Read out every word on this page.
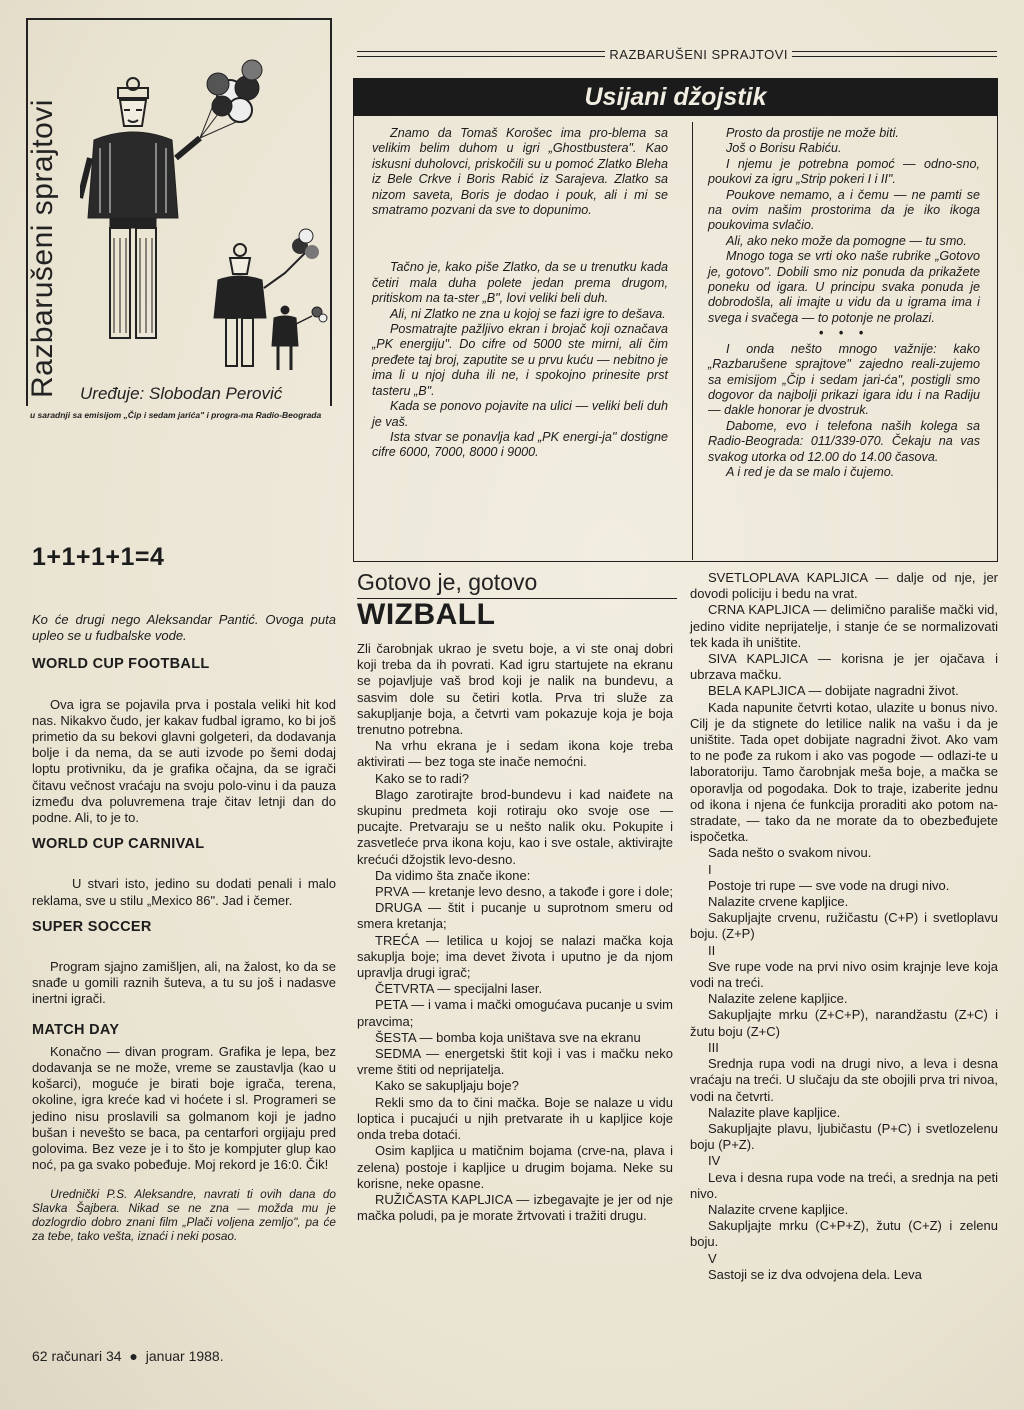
Razbarušeni sprajtovi Uređuje: Slobodan Perović
u saradnji sa emisijom „Čip i sedam jarića" i progra-ma Radio-Beograda
RAZBARUŠENI SPRAJTOVI
Usijani džojstik

Znamo da Tomaš Korošec ima pro-blema sa velikim belim duhom u igri „Ghostbustera". Kao iskusni duholovci, priskočili su u pomoć Zlatko Bleha iz Bele Crkve i Boris Rabić iz Sarajeva. Zlatko sa nizom saveta, Boris je dodao i pouk, ali i mi se smatramo pozvani da sve to dopunimo.

Tačno je, kako piše Zlatko, da se u trenutku kada četiri mala duha polete jedan prema drugom, pritiskom na ta-ster „B", lovi veliki beli duh.

Ali, ni Zlatko ne zna u kojoj se fazi igre to dešava.

Posmatrajte pažljivo ekran i brojač koji označava „PK energiju". Do cifre od 5000 ste mirni, ali čim pređete taj broj, zaputite se u prvu kuću — nebitno je ima li u njoj duha ili ne, i spokojno prinesite prst tasteru „B".

Kada se ponovo pojavite na ulici — veliki beli duh je vaš.

Ista stvar se ponavlja kad „PK energi-ja" dostigne cifre 6000, 7000, 8000 i 9000.

Prosto da prostije ne može biti.

Još o Borisu Rabiću.

I njemu je potrebna pomoć — odno-sno, poukovi za igru „Strip pokeri I i II".

Poukove nemamo, a i čemu — ne pamti se na ovim našim prostorima da je iko ikoga poukovima svlačio.

Ali, ako neko može da pomogne — tu smo.

Mnogo toga se vrti oko naše rubrike „Gotovo je, gotovo". Dobili smo niz ponuda da prikažete poneku od igara. U principu svaka ponuda je dobrodošla, ali imajte u vidu da u igrama ima i svega i svačega — to potonje ne prolazi.

• • •

I onda nešto mnogo važnije: kako „Razbarušene sprajtove" zajedno reali-zujemo sa emisijom „Čip i sedam jari-ća", postigli smo dogovor da najbolji prikazi igara idu i na Radiju — dakle honorar je dvostruk.

Dabome, evo i telefona naših kolega sa Radio-Beograda: 011/339-070. Čekaju na vas svakog utorka od 12.00 do 14.00 časova.

A i red je da se malo i čujemo.

1+1+1+1=4

Ko će drugi nego Aleksandar Pantić. Ovoga puta upleo se u fudbalske vode.

WORLD CUP FOOTBALL

Ova igra se pojavila prva i postala veliki hit kod nas. Nikakvo čudo, jer kakav fudbal igramo, ko bi još primetio da su bekovi glavni golgeteri, da dodavanja bolje i da nema, da se auti izvode po šemi dodaj loptu protivniku, da je grafika očajna, da se igrači čitavu večnost vraćaju na svoju polo-vinu i da pauza između dva poluvremena traje čitav letnji dan do podne. Ali, to je to.

WORLD CUP CARNIVAL

U stvari isto, jedino su dodati penali i malo reklama, sve u stilu „Mexico 86". Jad i čemer.

SUPER SOCCER

Program sjajno zamišljen, ali, na žalost, ko da se snađe u gomili raznih šuteva, a tu su još i nadasve inertni igrači.

MATCH DAY

Konačno — divan program. Grafika je lepa, bez dodavanja se ne može, vreme se zaustavlja (kao u košarci), moguće je birati boje igrača, terena, okoline, igra kreće kad vi hoćete i sl. Programeri se jedino nisu proslavili sa golmanom koji je jadno bušan i nevešto se baca, pa centarfori orgijaju pred golovima. Bez veze je i to što je kompjuter glup kao noć, pa ga svako pobeđuje. Moj rekord je 16:0. Čik!

Urednički P.S. Aleksandre, navrati ti ovih dana do Slavka Šajbera. Nikad se ne zna — možda mu je dozlogrdio dobro znani film „Plači voljena zemljo", pa će za tebe, tako vešta, iznaći i neki posao.

62 računari 34 ● januar 1988.
Gotovo je, gotovo
WIZBALL

Zli čarobnjak ukrao je svetu boje, a vi ste onaj dobri koji treba da ih povrati. Kad igru startujete na ekranu se pojavljuje vaš brod koji je nalik na bundevu, a sasvim dole su četiri kotla. Prva tri služe za sakupljanje boja, a četvrti vam pokazuje koja je boja trenutno potrebna.

Na vrhu ekrana je i sedam ikona koje treba aktivirati — bez toga ste inače nemoćni.

Kako se to radi?

Blago zarotirajte brod-bundevu i kad naiđete na skupinu predmeta koji rotiraju oko svoje ose — pucajte. Pretvaraju se u nešto nalik oku. Pokupite i zasvetleće prva ikona koju, kao i sve ostale, aktivirajte krećući džojstik levo-desno.

Da vidimo šta znače ikone:

PRVA — kretanje levo desno, a takođe i gore i dole;

DRUGA — štit i pucanje u suprotnom smeru od smera kretanja;

TREĆA — letilica u kojoj se nalazi mačka koja sakuplja boje; ima devet života i uputno je da njom upravlja drugi igrač;

ČETVRTA — specijalni laser.

PETA — i vama i mački omogućava pucanje u svim pravcima;

ŠESTA — bomba koja uništava sve na ekranu

SEDMA — energetski štit koji i vas i mačku neko vreme štiti od neprijatelja.

Kako se sakupljaju boje?

Rekli smo da to čini mačka. Boje se nalaze u vidu loptica i pucajući u njih pretvarate ih u kapljice koje onda treba dotaći.

Osim kapljica u matičnim bojama (crve-na, plava i zelena) postoje i kapljice u drugim bojama. Neke su korisne, neke opasne.

RUŽIČASTA KAPLJICA — izbegavajte je jer od nje mačka poludi, pa je morate žrtvovati i tražiti drugu.

SVETLOPLAVA KAPLJICA — dalje od nje, jer dovodi policiju i bedu na vrat.

CRNA KAPLJICA — delimično parališe mački vid, jedino vidite neprijatelje, i stanje će se normalizovati tek kada ih uništite.

SIVA KAPLJICA — korisna je jer ojačava i ubrzava mačku.

BELA KAPLJICA — dobijate nagradni život.

Kada napunite četvrti kotao, ulazite u bonus nivo. Cilj je da stignete do letilice nalik na vašu i da je uništite. Tada opet dobijate nagradni život. Ako vam to ne pođe za rukom i ako vas pogode — odlazi-te u laboratoriju. Tamo čarobnjak meša boje, a mačka se oporavlja od pogodaka. Dok to traje, izaberite jednu od ikona i njena će funkcija proraditi ako potom na-stradate, — tako da ne morate da to obezbeđujete ispočetka.

Sada nešto o svakom nivou.

I

Postoje tri rupe — sve vode na drugi nivo.

Nalazite crvene kapljice.

Sakupljajte crvenu, ružičastu (C+P) i svetloplavu boju. (Z+P)

II

Sve rupe vode na prvi nivo osim krajnje leve koja vodi na treći.

Nalazite zelene kapljice.

Sakupljajte mrku (Z+C+P), narandžastu (Z+C) i žutu boju (Z+C)

III

Srednja rupa vodi na drugi nivo, a leva i desna vraćaju na treći. U slučaju da ste obojili prva tri nivoa, vodi na četvrti.

Nalazite plave kapljice.

Sakupljajte plavu, ljubičastu (P+C) i svetlozelenu boju (P+Z).

IV

Leva i desna rupa vode na treći, a srednja na peti nivo.

Nalazite crvene kapljice.

Sakupljajte mrku (C+P+Z), žutu (C+Z) i zelenu boju.

V

Sastoji se iz dva odvojena dela. Leva
